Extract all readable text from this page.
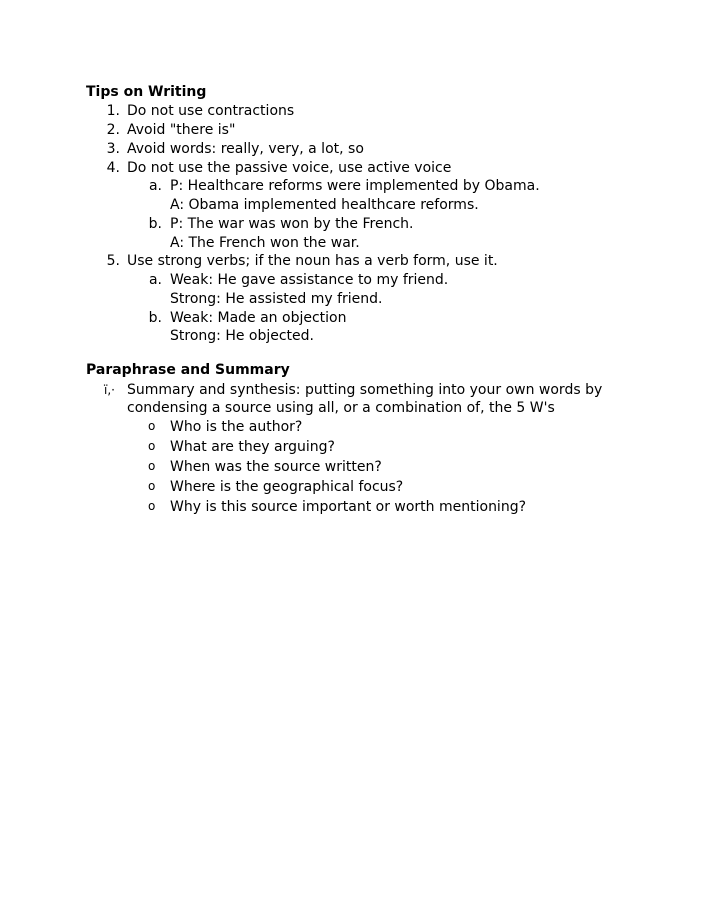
Tips on Writing
1. Do not use contractions
2. Avoid "there is"
3. Avoid words: really, very, a lot, so
4. Do not use the passive voice, use active voice
a. P: Healthcare reforms were implemented by Obama.
A: Obama implemented healthcare reforms.
b. P: The war was won by the French.
A: The French won the war.
5. Use strong verbs; if the noun has a verb form, use it.
a. Weak: He gave assistance to my friend.
Strong: He assisted my friend.
b. Weak: Made an objection
Strong: He objected.
Paraphrase and Summary
ï,· Summary and synthesis: putting something into your own words by
condensing a source using all, or a combination of, the 5 W's
o Who is the author?
o What are they arguing?
o When was the source written?
o Where is the geographical focus?
o Why is this source important or worth mentioning?
